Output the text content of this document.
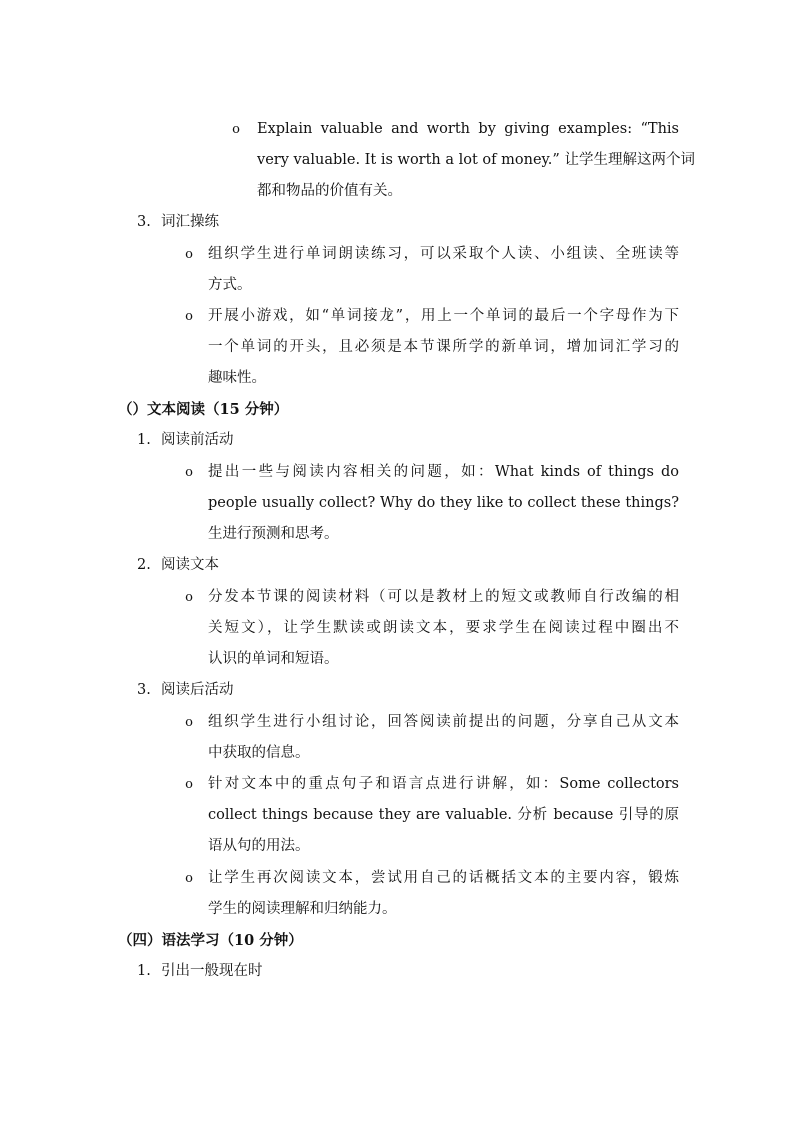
o Explain valuable and worth by giving examples: “This
very valuable. It is worth a lot of money.” 让学生理解这两个词
都和物品的价值有关。
3. 词汇操练
o 组织学生进行单词朗读练习，可以采取个人读、小组读、全班读等
方式。
o 开展小游戏，如“单词接龙”，用上一个单词的最后一个字母作为下
一个单词的开头，且必须是本节课所学的新单词，增加词汇学习的
趣味性。
（）文本阅读（15 分钟）
1. 阅读前活动
o 提出一些与阅读内容相关的问题，如：What kinds of things do
people usually collect? Why do they like to collect these things?
生进行预测和思考。
2. 阅读文本
o 分发本节课的阅读材料（可以是教材上的短文或教师自行改编的相
关短文），让学生默读或朗读文本，要求学生在阅读过程中圈出不
认识的单词和短语。
3. 阅读后活动
o 组织学生进行小组讨论，回答阅读前提出的问题，分享自己从文本
中获取的信息。
o 针对文本中的重点句子和语言点进行讲解，如：Some collectors
collect things because they are valuable. 分析 because 引导的原
语从句的用法。
o 让学生再次阅读文本，尝试用自己的话概括文本的主要内容，锻炼
学生的阅读理解和归纳能力。
（四）语法学习（10 分钟）
1. 引出一般现在时
